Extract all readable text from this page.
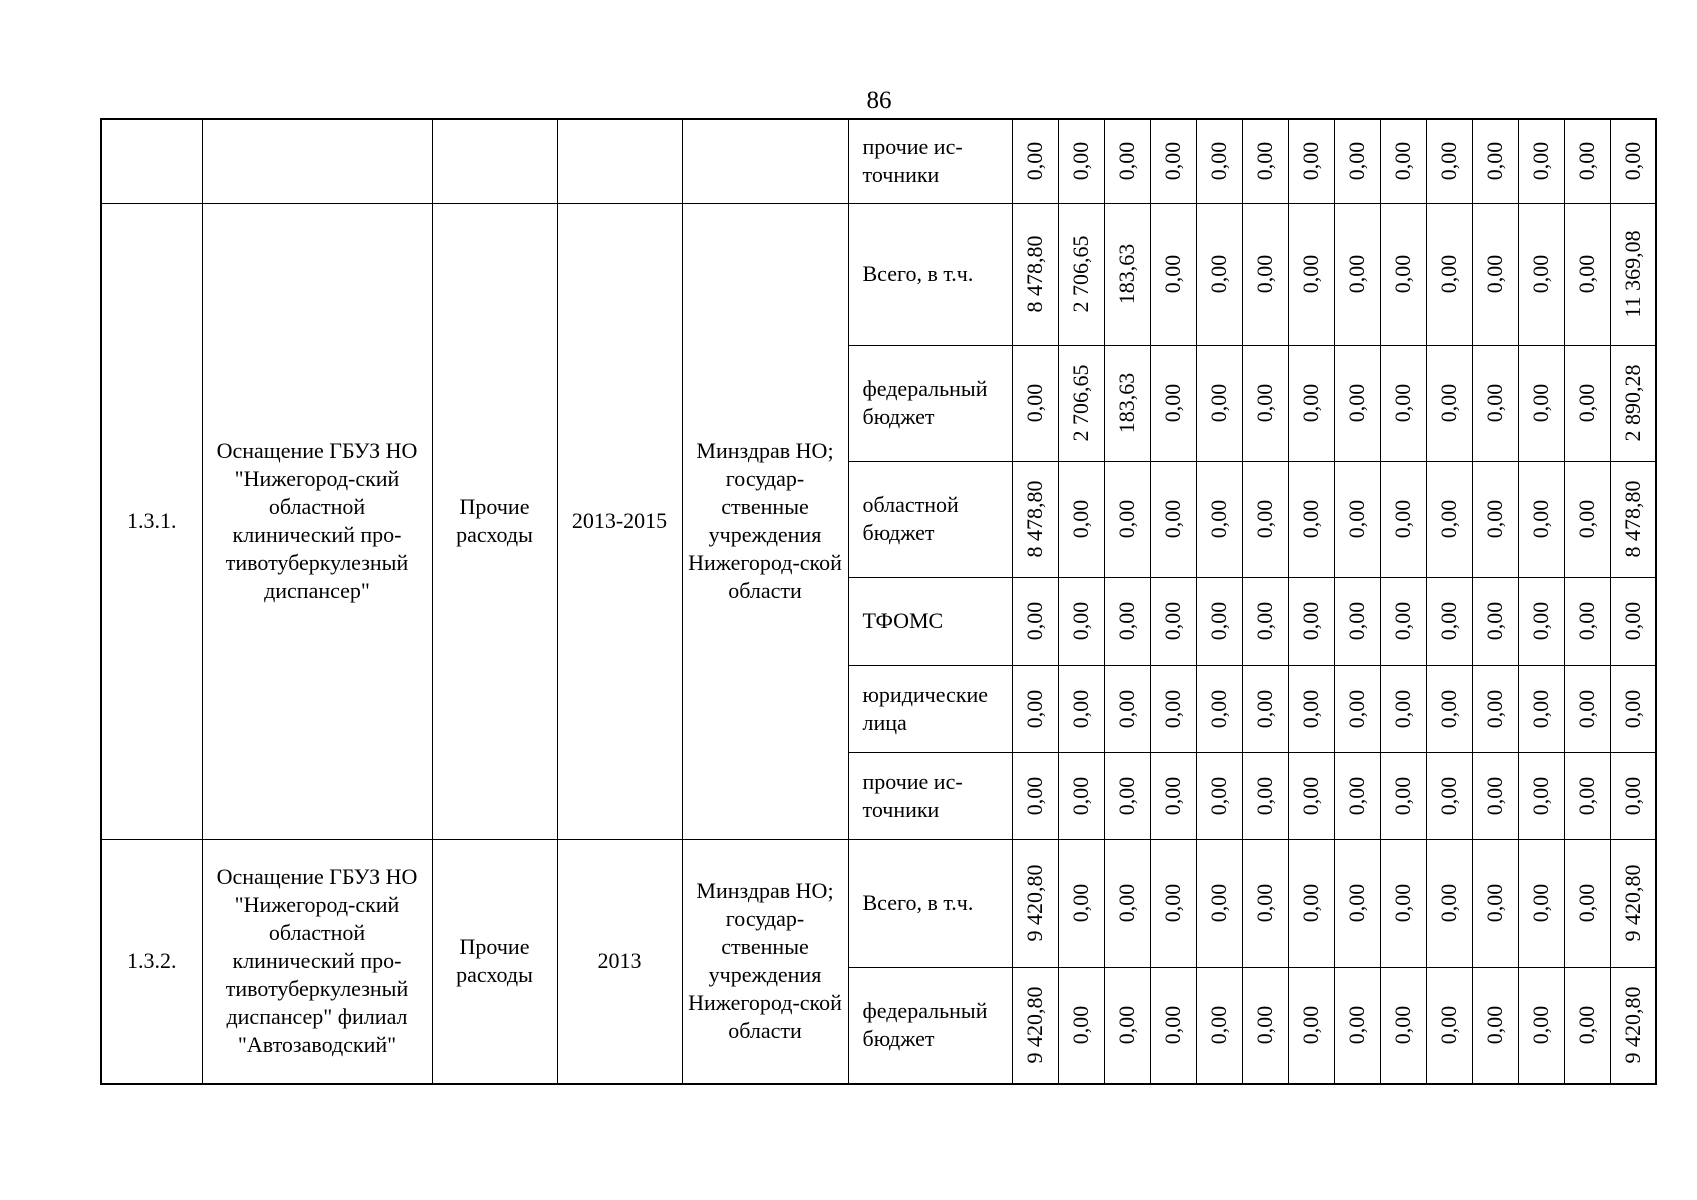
86

					прочие ис-точники	0,00	0,00	0,00	0,00	0,00	0,00	0,00	0,00	0,00	0,00	0,00	0,00	0,00	0,00

1.3.1.	Оснащение ГБУЗ НО "Нижегород-ский областной клинический про-тивотуберкулезный диспансер"	Прочие расходы	2013-2015	Минздрав НО; государ-ственные учреждения Нижегород-ской области	Всего, в т.ч.	8 478,80	2 706,65	183,63	0,00	0,00	0,00	0,00	0,00	0,00	0,00	0,00	0,00	0,00	11 369,08

					федеральный бюджет	0,00	2 706,65	183,63	0,00	0,00	0,00	0,00	0,00	0,00	0,00	0,00	0,00	0,00	2 890,28

					областной бюджет	8 478,80	0,00	0,00	0,00	0,00	0,00	0,00	0,00	0,00	0,00	0,00	0,00	0,00	8 478,80

					ТФОМС	0,00	0,00	0,00	0,00	0,00	0,00	0,00	0,00	0,00	0,00	0,00	0,00	0,00	0,00

					юридические лица	0,00	0,00	0,00	0,00	0,00	0,00	0,00	0,00	0,00	0,00	0,00	0,00	0,00	0,00

					прочие ис-точники	0,00	0,00	0,00	0,00	0,00	0,00	0,00	0,00	0,00	0,00	0,00	0,00	0,00	0,00

1.3.2.	Оснащение ГБУЗ НО "Нижегород-ский областной клинический про-тивотуберкулезный диспансер" филиал "Автозаводский"	Прочие расходы	2013	Минздрав НО; государ-ственные учреждения Нижегород-ской области	Всего, в т.ч.	9 420,80	0,00	0,00	0,00	0,00	0,00	0,00	0,00	0,00	0,00	0,00	0,00	0,00	9 420,80

					федеральный бюджет	9 420,80	0,00	0,00	0,00	0,00	0,00	0,00	0,00	0,00	0,00	0,00	0,00	0,00	9 420,80
